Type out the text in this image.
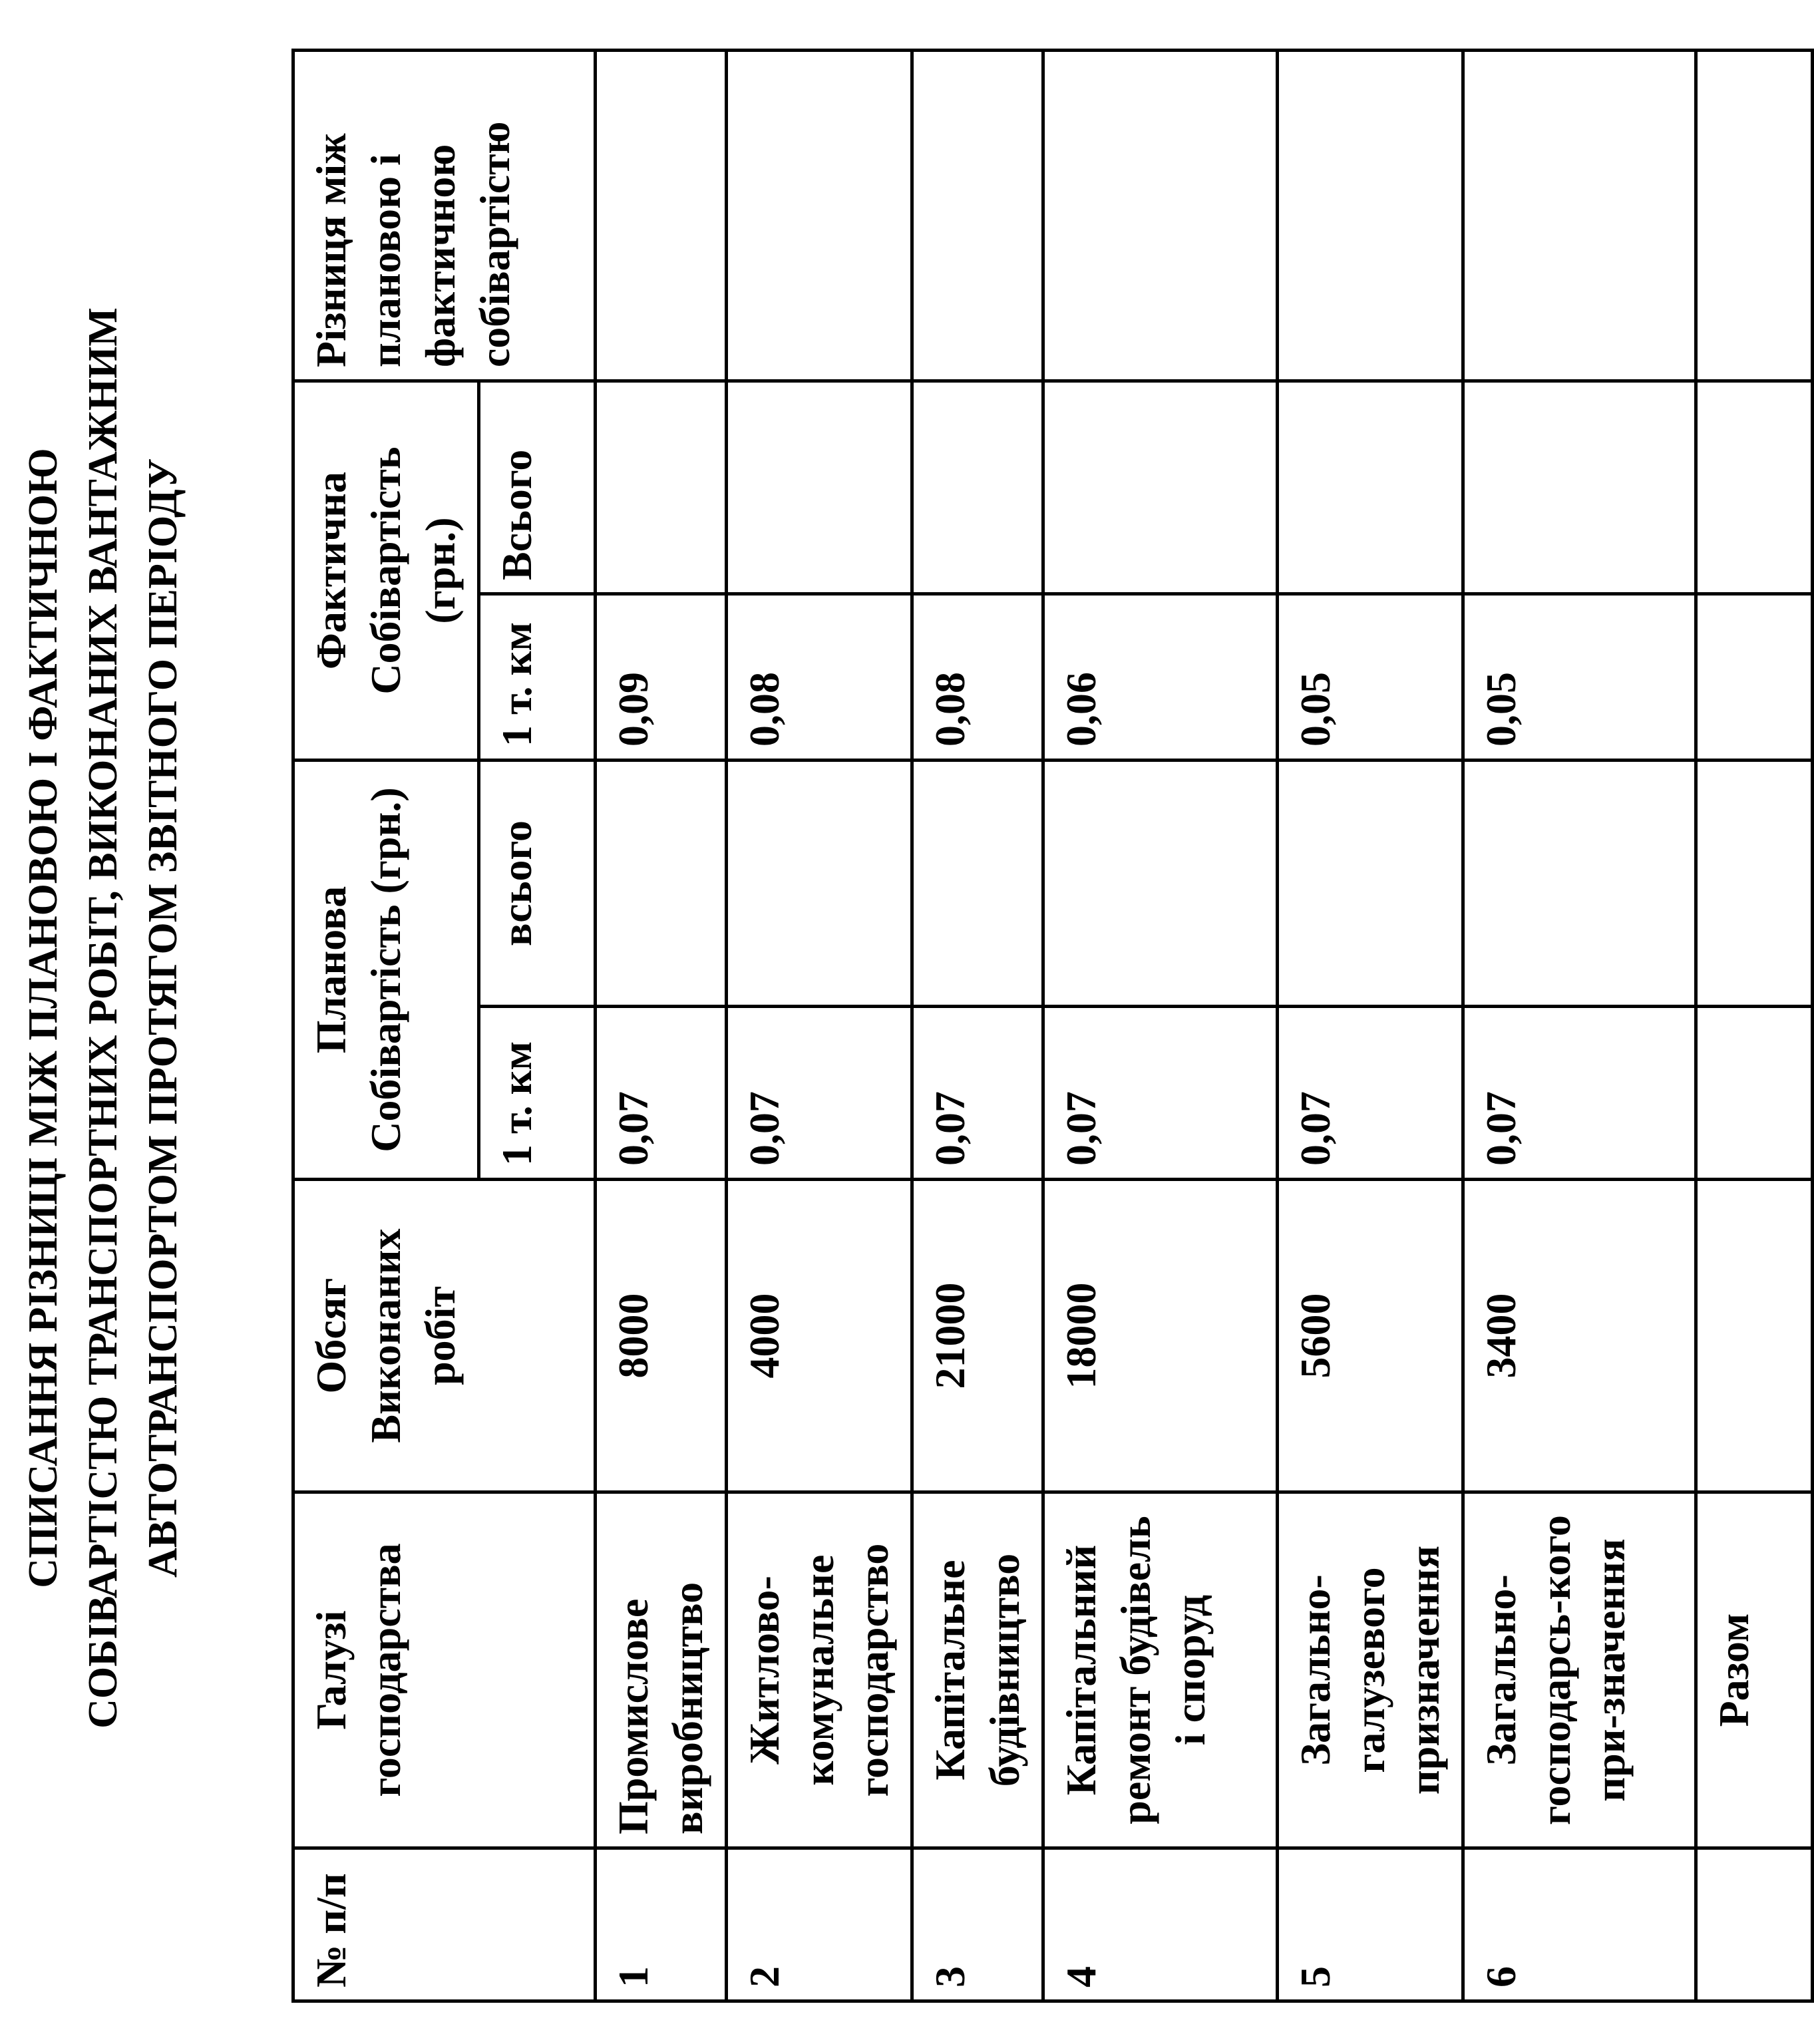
СПИСАННЯ РІЗНИЦІ МІЖ ПЛАНОВОЮ І ФАКТИЧНОЮ СОБІВАРТІСТЮ ТРАНСПОРТНИХ РОБІТ, ВИКОНАНИХ ВАНТАЖНИМ АВТОТРАНСПОРТОМ ПРОТЯГОМ ЗВІТНОГО ПЕРІОДУ
№ п/п	Галузі господарства	Обсяг Виконаних робіт	Планова Собівартість (грн.)		Фактична Собівартість (грн.)		Різниця між плановою і фактичною собівартістю
			1 т. км	всього	1 т. км	Всього	
1	Промислове виробництво	8000	0,07		0,09		
2	Житлово-комунальне господарство	4000	0,07		0,08		
3	Капітальне будівництво	21000	0,07		0,08		
4	Капітальний ремонт будівель і споруд	18000	0,07		0,06		
5	Загально-галузевого призначення	5600	0,07		0,05		
6	Загально-господарсь-кого при-значення	3400	0,07		0,05		
	Разом						
